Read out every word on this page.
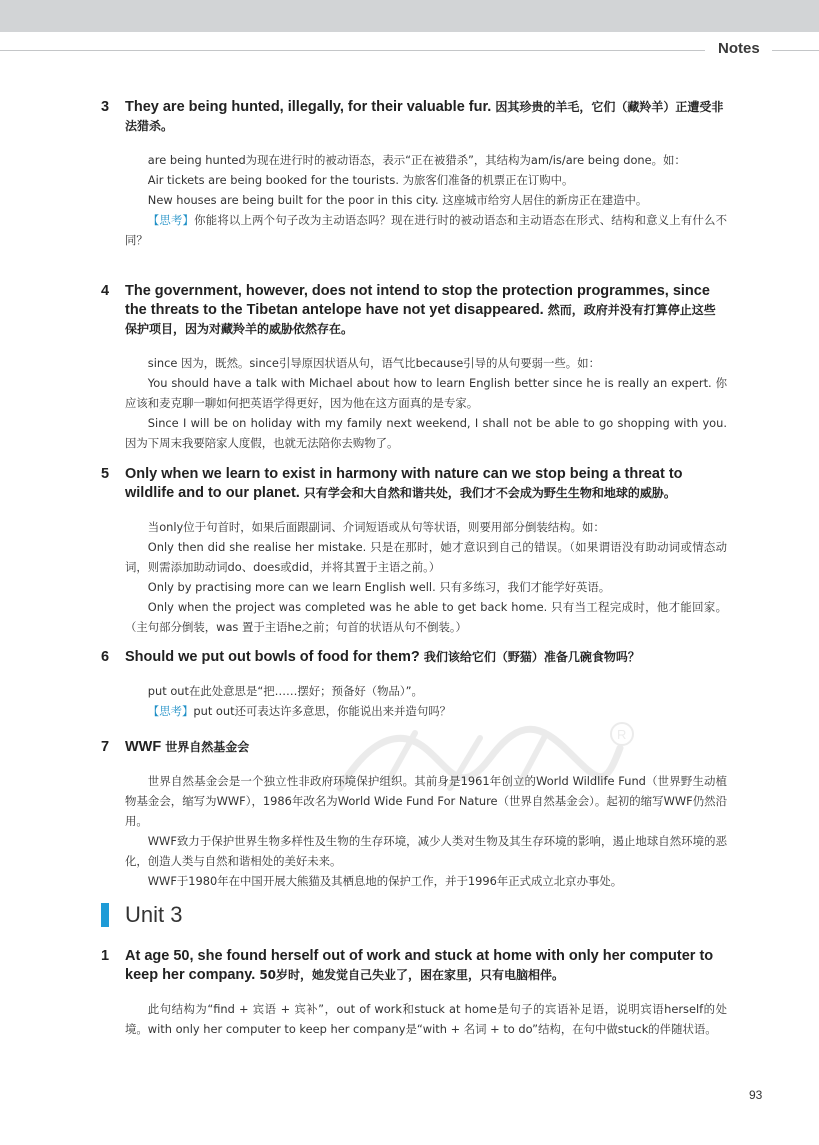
Notes
R
3	They are being hunted, illegally, for their valuable fur. 因其珍贵的羊毛，它们（藏羚羊）正遭受非法猎杀。

are being hunted为现在进行时的被动语态，表示“正在被猎杀”，其结构为am/is/are being done。如：

Air tickets are being booked for the tourists. 为旅客们准备的机票正在订购中。

New houses are being built for the poor in this city. 这座城市给穷人居住的新房正在建造中。

【思考】你能将以上两个句子改为主动语态吗？现在进行时的被动语态和主动语态在形式、结构和意义上有什么不同？

4	The government, however, does not intend to stop the protection programmes, since the threats to the Tibetan antelope have not yet disappeared. 然而，政府并没有打算停止这些保护项目，因为对藏羚羊的威胁依然存在。

since 因为，既然。since引导原因状语从句，语气比because引导的从句要弱一些。如：

You should have a talk with Michael about how to learn English better since he is really an expert. 你应该和麦克聊一聊如何把英语学得更好，因为他在这方面真的是专家。

Since I will be on holiday with my family next weekend, I shall not be able to go shopping with you. 因为下周末我要陪家人度假，也就无法陪你去购物了。

5	Only when we learn to exist in harmony with nature can we stop being a threat to wildlife and to our planet. 只有学会和大自然和谐共处，我们才不会成为野生生物和地球的威胁。

当only位于句首时，如果后面跟副词、介词短语或从句等状语，则要用部分倒装结构。如：

Only then did she realise her mistake. 只是在那时，她才意识到自己的错误。（如果谓语没有助动词或情态动词，则需添加助动词do、does或did，并将其置于主语之前。）

Only by practising more can we learn English well. 只有多练习，我们才能学好英语。

Only when the project was completed was he able to get back home. 只有当工程完成时，他才能回家。（主句部分倒装，was 置于主语he之前；句首的状语从句不倒装。）

6	Should we put out bowls of food for them? 我们该给它们（野猫）准备几碗食物吗？

put out在此处意思是“把……摆好；预备好（物品）”。

【思考】put out还可表达许多意思，你能说出来并造句吗？

7	WWF 世界自然基金会

世界自然基金会是一个独立性非政府环境保护组织。其前身是1961年创立的World Wildlife Fund（世界野生动植物基金会，缩写为WWF），1986年改名为World Wide Fund For Nature（世界自然基金会）。起初的缩写WWF仍然沿用。

WWF致力于保护世界生物多样性及生物的生存环境，减少人类对生物及其生存环境的影响，遏止地球自然环境的恶化，创造人类与自然和谐相处的美好未来。

WWF于1980年在中国开展大熊猫及其栖息地的保护工作，并于1996年正式成立北京办事处。

Unit 3
1	At age 50, she found herself out of work and stuck at home with only her computer to keep her company. 50岁时，她发觉自己失业了，困在家里，只有电脑相伴。

此句结构为“find + 宾语 + 宾补”，out of work和stuck at home是句子的宾语补足语，说明宾语herself的处境。with only her computer to keep her company是“with + 名词 + to do”结构，在句中做stuck的伴随状语。

93
